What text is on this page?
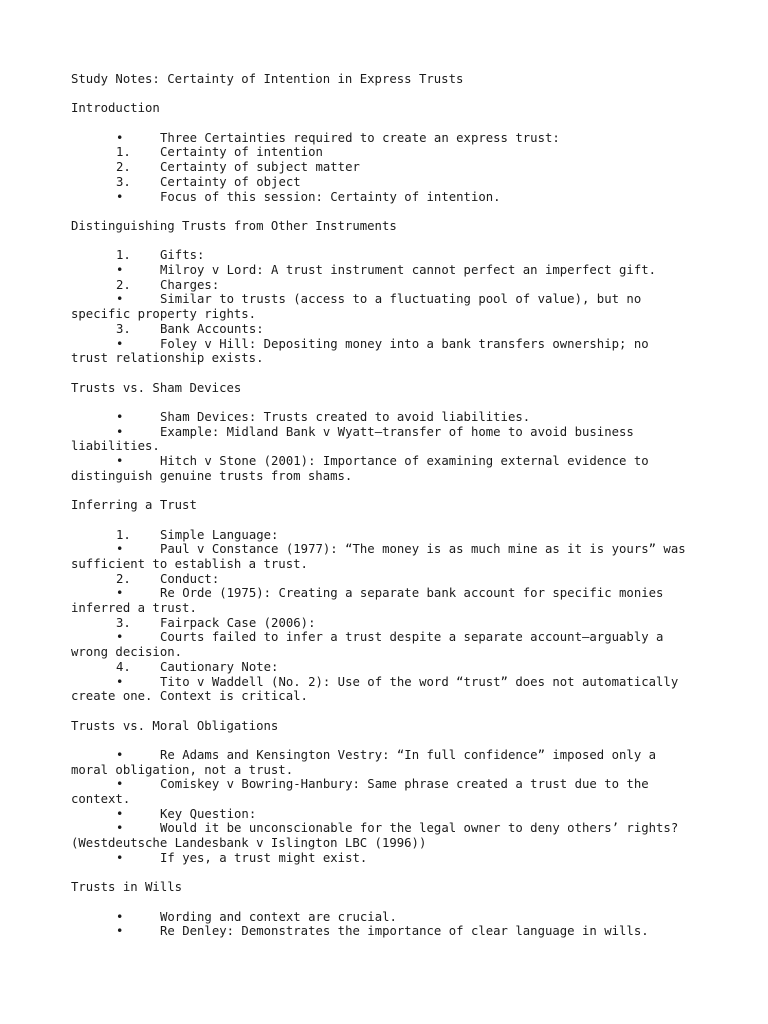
Study Notes: Certainty of Intention in Express Trusts
Introduction
•	Three Certainties required to create an express trust:
1. Certainty of intention
2. Certainty of subject matter
3. Certainty of object
•	Focus of this session: Certainty of intention.
Distinguishing Trusts from Other Instruments
1. Gifts:
•	Milroy v Lord: A trust instrument cannot perfect an imperfect gift.
2. Charges:
•	Similar to trusts (access to a fluctuating pool of value), but no
specific property rights.
3. Bank Accounts:
•	Foley v Hill: Depositing money into a bank transfers ownership; no
trust relationship exists.
Trusts vs. Sham Devices
•	Sham Devices: Trusts created to avoid liabilities.
•	Example: Midland Bank v Wyatt—transfer of home to avoid business
liabilities.
•	Hitch v Stone (2001): Importance of examining external evidence to
distinguish genuine trusts from shams.
Inferring a Trust
1. Simple Language:
•	Paul v Constance (1977): “The money is as much mine as it is yours” was
sufficient to establish a trust.
2. Conduct:
•	Re Orde (1975): Creating a separate bank account for specific monies
inferred a trust.
3. Fairpack Case (2006):
•	Courts failed to infer a trust despite a separate account—arguably a
wrong decision.
4. Cautionary Note:
•	Tito v Waddell (No. 2): Use of the word “trust” does not automatically
create one. Context is critical.
Trusts vs. Moral Obligations
•	Re Adams and Kensington Vestry: “In full confidence” imposed only a
moral obligation, not a trust.
•	Comiskey v Bowring-Hanbury: Same phrase created a trust due to the
context.
•	Key Question:
•	Would it be unconscionable for the legal owner to deny others’ rights?
(Westdeutsche Landesbank v Islington LBC (1996))
•	If yes, a trust might exist.
Trusts in Wills
•	Wording and context are crucial.
•	Re Denley: Demonstrates the importance of clear language in wills.
